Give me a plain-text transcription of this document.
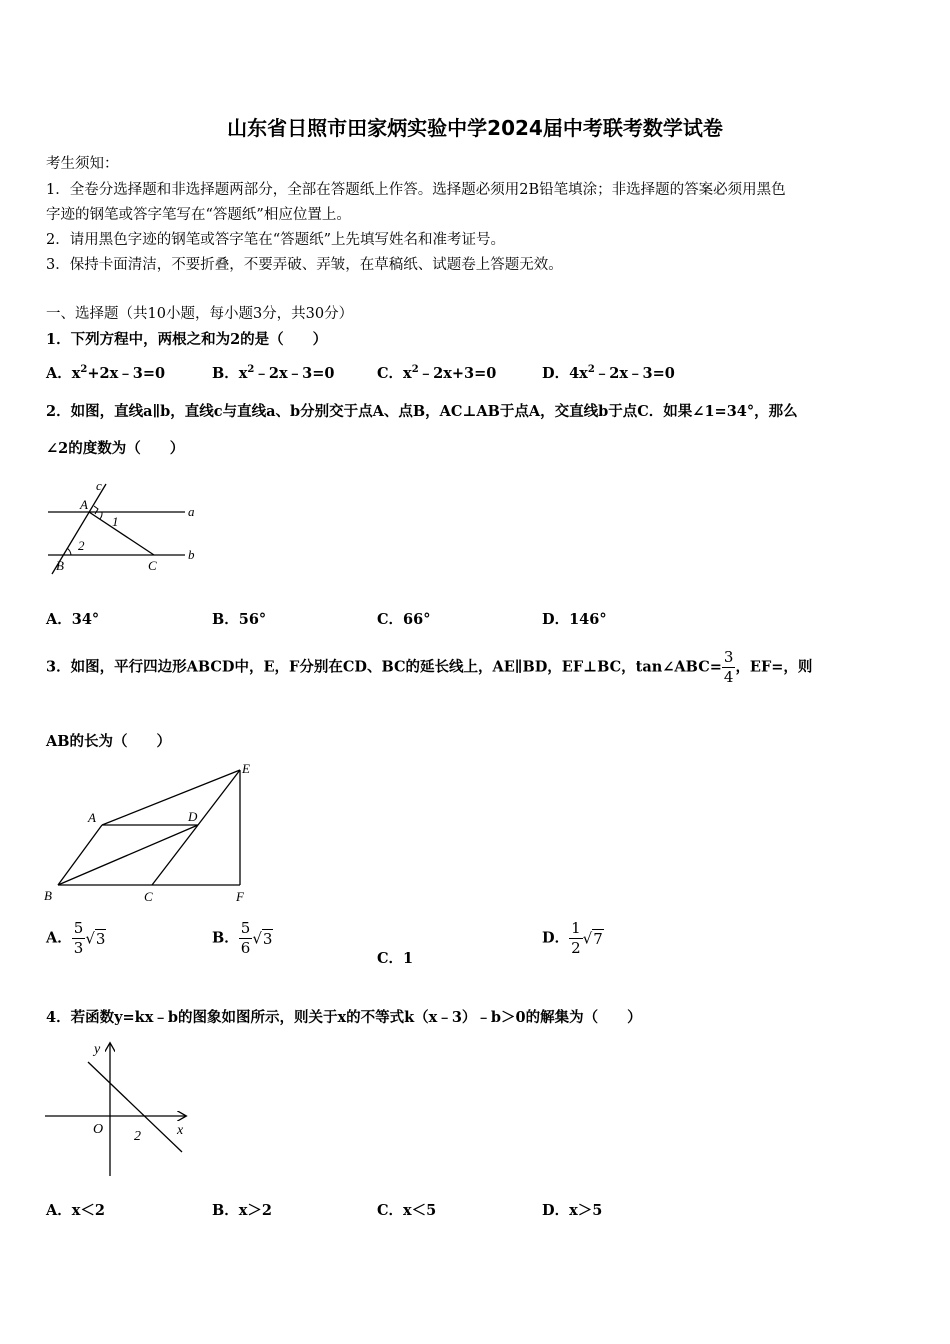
山东省日照市田家炳实验中学2024届中考联考数学试卷
考生须知：
1．全卷分选择题和非选择题两部分，全部在答题纸上作答。选择题必须用2B铅笔填涂；非选择题的答案必须用黑色
字迹的钢笔或答字笔写在“答题纸”相应位置上。
2．请用黑色字迹的钢笔或答字笔在“答题纸”上先填写姓名和准考证号。
3．保持卡面清洁，不要折叠，不要弄破、弄皱，在草稿纸、试题卷上答题无效。
一、选择题（共10小题，每小题3分，共30分）
1．下列方程中，两根之和为2的是（　　）
A．$x^2+2x﹣3=0$	B．$x^2﹣2x﹣3=0$	C．$x^2﹣2x+3=0$	D．$4x^2﹣2x﹣3=0$
2．如图，直线a∥b，直线c与直线a、b分别交于点A、点B，AC⊥AB于点A，交直线b于点C．如果∠1=34°，那么
∠2的度数为（　　）
c
A
1
a
2
B	C
b
A．34°	B．56°	C．66°	D．146°
3．如图，平行四边形ABCD中，E，F分别在CD、BC的延长线上，AE∥BD，EF⊥BC，tan∠ABC= $\frac{3}{4}$ ，EF=，则
AB的长为（　　）
A	D
E
B	C	F
A． $\frac{5}{3} √3$	B． $\frac{5}{6} √3$
C．1
D． $\frac{1}{2} √7$
4．若函数y=kx﹣b的图象如图所示，则关于x的不等式k（x﹣3）﹣b＞0的解集为（　　）
y
x
O 2
A．x＜2	B．x＞2	C．x＜5	D．x＞5
